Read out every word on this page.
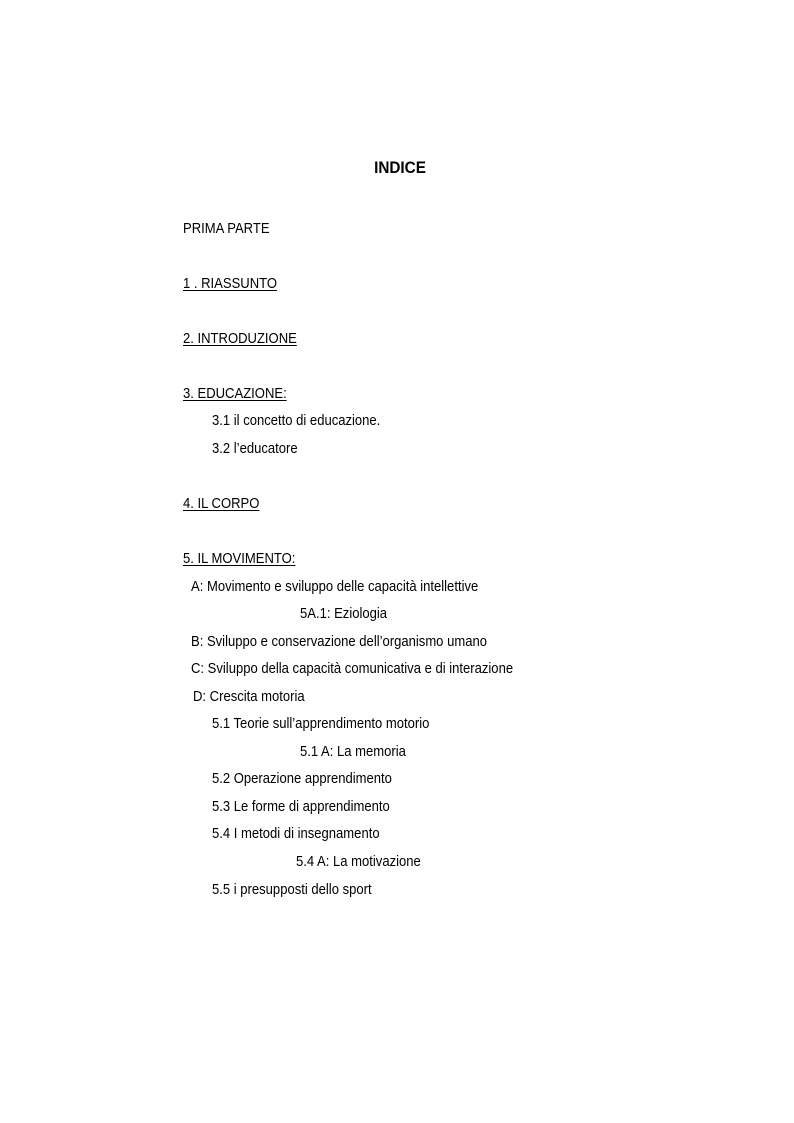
INDICE
PRIMA PARTE
1 . RIASSUNTO
2. INTRODUZIONE
3. EDUCAZIONE:
3.1 il concetto di educazione.
3.2 l’educatore
4. IL CORPO
5. IL MOVIMENTO:
A: Movimento e sviluppo delle capacità intellettive
5A.1: Eziologia
B: Sviluppo e conservazione dell’organismo umano
C: Sviluppo della capacità comunicativa e di interazione
D: Crescita motoria
5.1 Teorie sull’apprendimento motorio
5.1 A: La memoria
5.2 Operazione apprendimento
5.3 Le forme di apprendimento
5.4 I metodi di insegnamento
5.4 A: La motivazione
5.5 i presupposti dello sport
